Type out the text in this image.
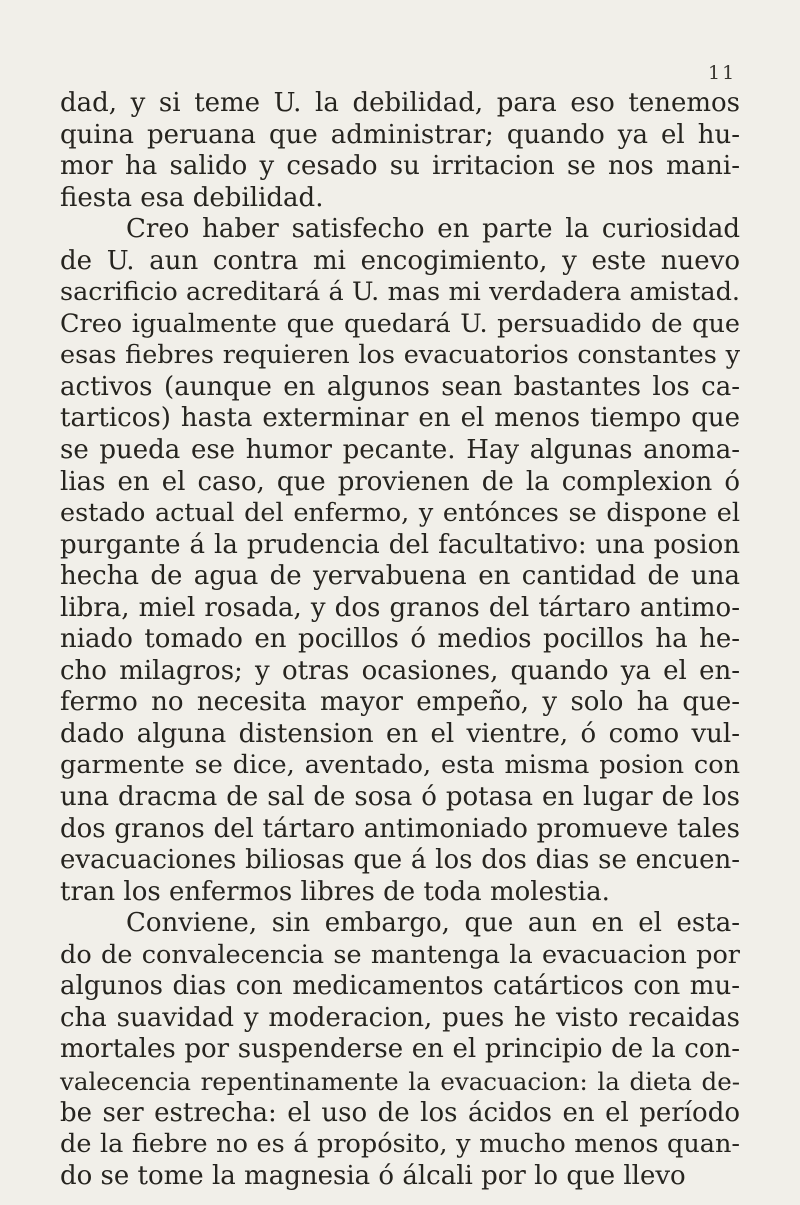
11
dad, y si teme U. la debilidad, para eso tenemos
quina peruana que administrar; quando ya el hu-
mor ha salido y cesado su irritacion se nos mani-
fiesta esa debilidad.
Creo haber satisfecho en parte la curiosidad
de U. aun contra mi encogimiento, y este nuevo
sacrificio acreditará á U. mas mi verdadera amistad.
Creo igualmente que quedará U. persuadido de que
esas fiebres requieren los evacuatorios constantes y
activos (aunque en algunos sean bastantes los ca-
tarticos) hasta exterminar en el menos tiempo que
se pueda ese humor pecante. Hay algunas anoma-
lias en el caso, que provienen de la complexion ó
estado actual del enfermo, y entónces se dispone el
purgante á la prudencia del facultativo: una posion
hecha de agua de yervabuena en cantidad de una
libra, miel rosada, y dos granos del tártaro antimo-
niado tomado en pocillos ó medios pocillos ha he-
cho milagros; y otras ocasiones, quando ya el en-
fermo no necesita mayor empeño, y solo ha que-
dado alguna distension en el vientre, ó como vul-
garmente se dice, aventado, esta misma posion con
una dracma de sal de sosa ó potasa en lugar de los
dos granos del tártaro antimoniado promueve tales
evacuaciones biliosas que á los dos dias se encuen-
tran los enfermos libres de toda molestia.
Conviene, sin embargo, que aun en el esta-
do de convalecencia se mantenga la evacuacion por
algunos dias con medicamentos catárticos con mu-
cha suavidad y moderacion, pues he visto recaidas
mortales por suspenderse en el principio de la con-
valecencia repentinamente la evacuacion: la dieta de-
be ser estrecha: el uso de los ácidos en el período
de la fiebre no es á propósito, y mucho menos quan-
do se tome la magnesia ó álcali por lo que llevo
